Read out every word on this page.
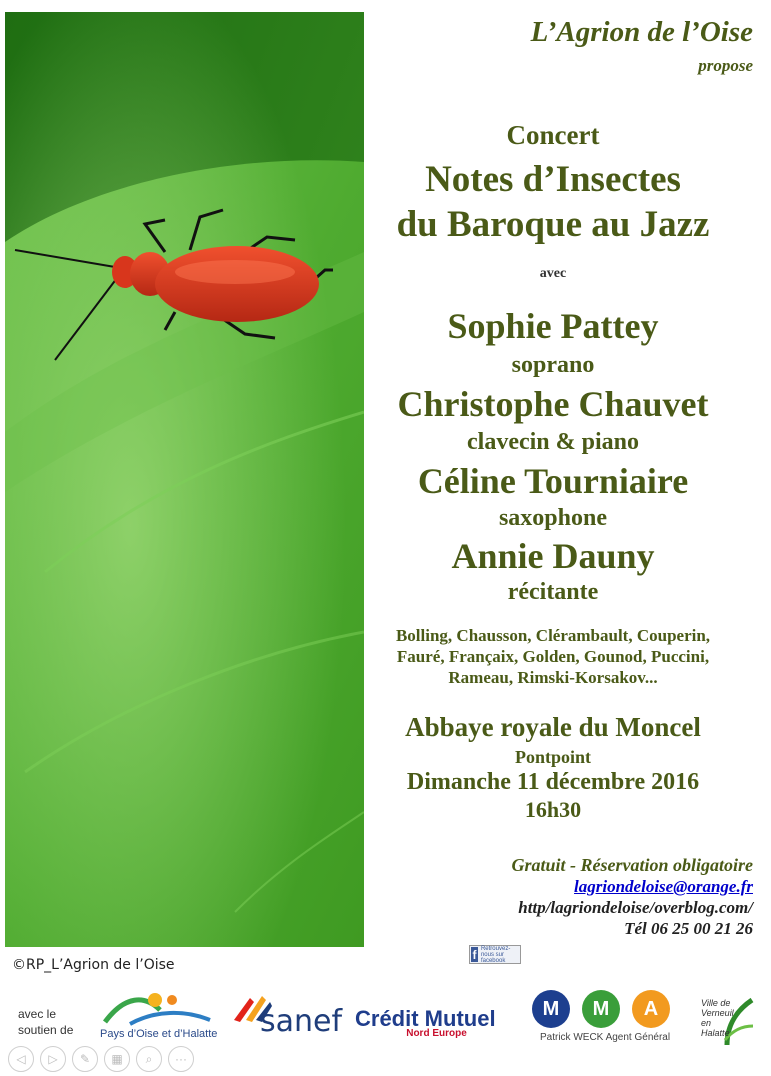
©RP_L’Agrion de l’Oise
L’Agrion de l’Oise
propose
Concert
Notes d’Insectes
du Baroque au Jazz
avec
Sophie Pattey
soprano
Christophe Chauvet
clavecin & piano
Céline Tourniaire
saxophone
Annie Dauny
récitante
Bolling, Chausson, Clérambault, Couperin,
Fauré, Françaix, Golden, Gounod, Puccini,
Rameau, Rimski-Korsakov...
Abbaye royale du Moncel
Pontpoint
Dimanche 11 décembre 2016
16h30
Gratuit - Réservation obligatoire
lagriondeloise@orange.fr
http/lagriondeloise/overblog.com/
Tél 06 25 00 21 26
f Retrouvez-nous sur facebook
avec le soutien de	Pays d’Oise et d’Halatte sanef Crédit Mutuel
Nord Europe
M	M	A
Patrick WECK Agent Général
Ville de Verneuil en Halatte
◁	▷	✎	▦	⌕	···
